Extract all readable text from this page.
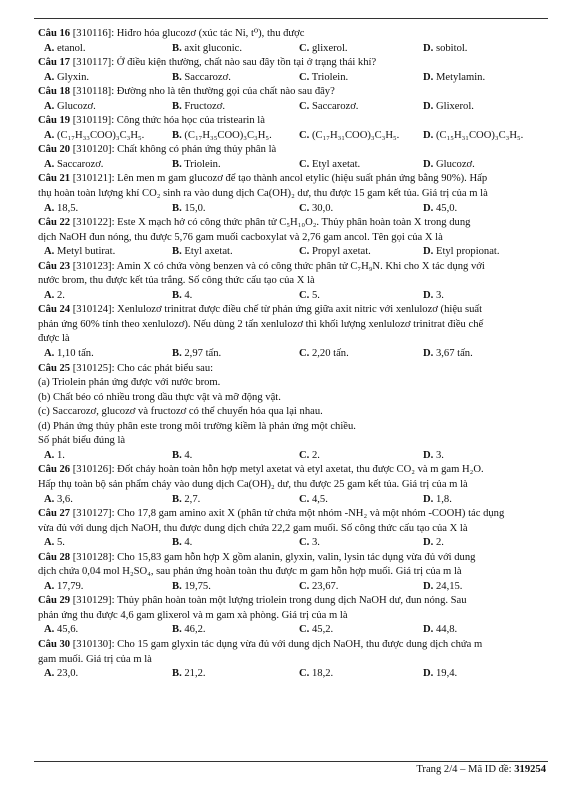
Câu 16 [310116]: Hiđro hóa glucozơ (xúc tác Ni, t⁰), thu được
A. etanol.	B. axit gluconic.	C. glixerol.	D. sobitol.
Câu 17 [310117]: Ở điều kiện thường, chất nào sau đây tồn tại ở trạng thái khí?
A. Glyxin.	B. Saccarozơ.	C. Triolein.	D. Metylamin.
Câu 18 [310118]: Đường nho là tên thường gọi của chất nào sau đây?
A. Glucozơ.	B. Fructozơ.	C. Saccarozơ.	D. Glixerol.
Câu 19 [310119]: Công thức hóa học của tristearin là
A. (C₁₇H₃₃COO)₃C₃H₅.	B. (C₁₇H₃₅COO)₃C₃H₅.	C. (C₁₇H₃₁COO)₃C₃H₅.	D. (C₁₅H₃₁COO)₃C₃H₅.
Câu 20 [310120]: Chất không có phản ứng thủy phân là
A. Saccarozơ.	B. Triolein.	C. Etyl axetat.	D. Glucozơ.
Câu 21 [310121]: Lên men m gam glucozơ để tạo thành ancol etylic (hiệu suất phản ứng bằng 90%). Hấp
thụ hoàn toàn lượng khí CO₂ sinh ra vào dung dịch Ca(OH)₂ dư, thu được 15 gam kết tủa. Giá trị của m là
A. 18,5.	B. 15,0.	C. 30,0.	D. 45,0.
Câu 22 [310122]: Este X mạch hở có công thức phân tử C₅H₁₀O₂. Thủy phân hoàn toàn X trong dung
dịch NaOH đun nóng, thu được 5,76 gam muối cacboxylat và 2,76 gam ancol. Tên gọi của X là
A. Metyl butirat.	B. Etyl axetat.	C. Propyl axetat.	D. Etyl propionat.
Câu 23 [310123]: Amin X có chứa vòng benzen và có công thức phân tử C₇H₉N. Khi cho X tác dụng với
nước brom, thu được kết tủa trắng. Số công thức cấu tạo của X là
A. 2.	B. 4.	C. 5.	D. 3.
Câu 24 [310124]: Xenlulozơ trinitrat được điều chế từ phản ứng giữa axit nitric với xenlulozơ (hiệu suất
phản ứng 60% tính theo xenlulozơ). Nếu dùng 2 tấn xenlulozơ thì khối lượng xenlulozơ trinitrat điều chế
được là
A. 1,10 tấn.	B. 2,97 tấn.	C. 2,20 tấn.	D. 3,67 tấn.
Câu 25 [310125]: Cho các phát biểu sau:
(a) Triolein phản ứng được với nước brom.
(b) Chất béo có nhiều trong dầu thực vật và mỡ động vật.
(c) Saccarozơ, glucozơ và fructozơ có thể chuyển hóa qua lại nhau.
(d) Phản ứng thủy phân este trong môi trường kiềm là phản ứng một chiều.
Số phát biểu đúng là
A. 1.	B. 4.	C. 2.	D. 3.
Câu 26 [310126]: Đốt cháy hoàn toàn hỗn hợp metyl axetat và etyl axetat, thu được CO₂ và m gam H₂O.
Hấp thụ toàn bộ sản phẩm cháy vào dung dịch Ca(OH)₂ dư, thu được 25 gam kết tủa. Giá trị của m là
A. 3,6.	B. 2,7.	C. 4,5.	D. 1,8.
Câu 27 [310127]: Cho 17,8 gam amino axit X (phân tử chứa một nhóm -NH₂ và một nhóm -COOH) tác dụng
vừa đủ với dung dịch NaOH, thu được dung dịch chứa 22,2 gam muối. Số công thức cấu tạo của X là
A. 5.	B. 4.	C. 3.	D. 2.
Câu 28 [310128]: Cho 15,83 gam hỗn hợp X gồm alanin, glyxin, valin, lysin tác dụng vừa đủ với dung
dịch chứa 0,04 mol H₂SO₄, sau phản ứng hoàn toàn thu được m gam hỗn hợp muối. Giá trị của m là
A. 17,79.	B. 19,75.	C. 23,67.	D. 24,15.
Câu 29 [310129]: Thủy phân hoàn toàn một lượng triolein trong dung dịch NaOH dư, đun nóng. Sau
phản ứng thu được 4,6 gam glixerol và m gam xà phòng. Giá trị của m là
A. 45,6.	B. 46,2.	C. 45,2.	D. 44,8.
Câu 30 [310130]: Cho 15 gam glyxin tác dụng vừa đủ với dung dịch NaOH, thu được dung dịch chứa m
gam muối. Giá trị của m là
A. 23,0.	B. 21,2.	C. 18,2.	D. 19,4.
Trang 2/4 – Mã ID đề: 319254
